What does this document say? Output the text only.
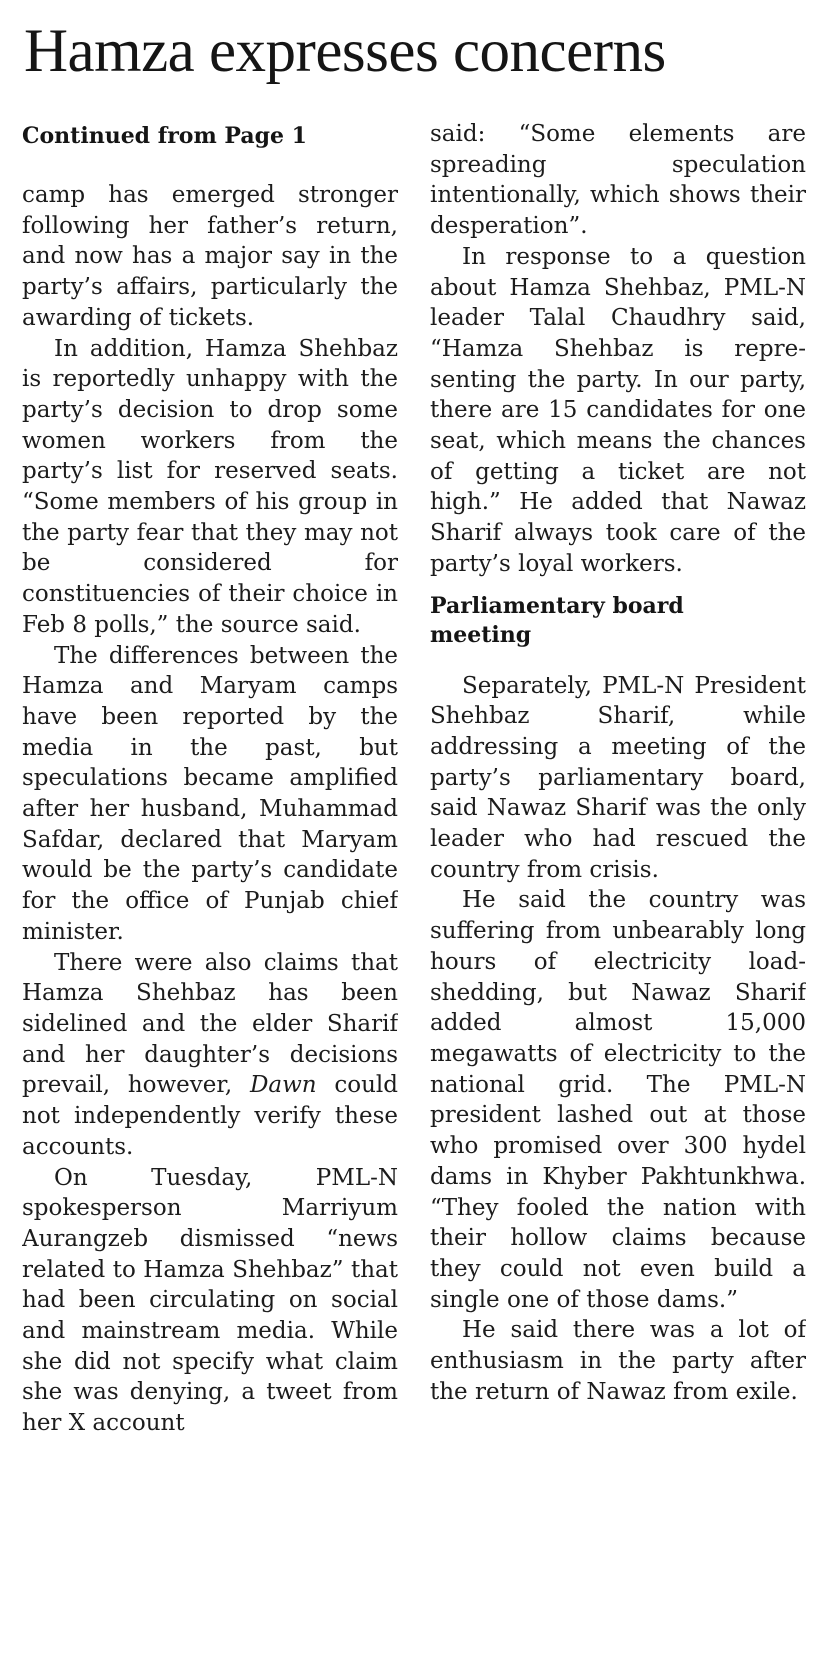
Hamza expresses concerns
Continued from Page 1

camp has emerged stronger following her father’s return, and now has a major say in the party’s affairs, particularly the awarding of tickets.

In addition, Hamza Shehbaz is reportedly unhappy with the party’s decision to drop some women workers from the party’s list for reserved seats. “Some members of his group in the party fear that they may not be considered for constituencies of their choice in Feb 8 polls,” the source said.

The differences between the Hamza and Maryam camps have been reported by the media in the past, but speculations became amplified after her husband, Muhammad Safdar, declared that Maryam would be the party’s candidate for the office of Punjab chief minister.

There were also claims that Hamza Shehbaz has been sidelined and the elder Sharif and her daughter’s decisions prevail, however, Dawn could not independently verify these accounts.

On Tuesday, PML-N spokesperson Marriyum Aurangzeb dismissed “news related to Hamza Shehbaz” that had been circulating on social and mainstream media. While she did not specify what claim she was denying, a tweet from her X account

said: “Some elements are spreading speculation intentionally, which shows their desperation”.

In response to a question about Hamza Shehbaz, PML-N leader Talal Chaudhry said, “Hamza Shehbaz is representing the party. In our party, there are 15 candidates for one seat, which means the chances of getting a ticket are not high.” He added that Nawaz Sharif always took care of the party’s loyal workers.

Parliamentary board meeting

Separately, PML-N President Shehbaz Sharif, while addressing a meeting of the party’s parliamentary board, said Nawaz Sharif was the only leader who had rescued the country from crisis.

He said the country was suffering from unbearably long hours of electricity load-shedding, but Nawaz Sharif added almost 15,000 megawatts of electricity to the national grid. The PML-N president lashed out at those who promised over 300 hydel dams in Khyber Pakhtunkhwa. “They fooled the nation with their hollow claims because they could not even build a single one of those dams.”

He said there was a lot of enthusiasm in the party after the return of Nawaz from exile.
